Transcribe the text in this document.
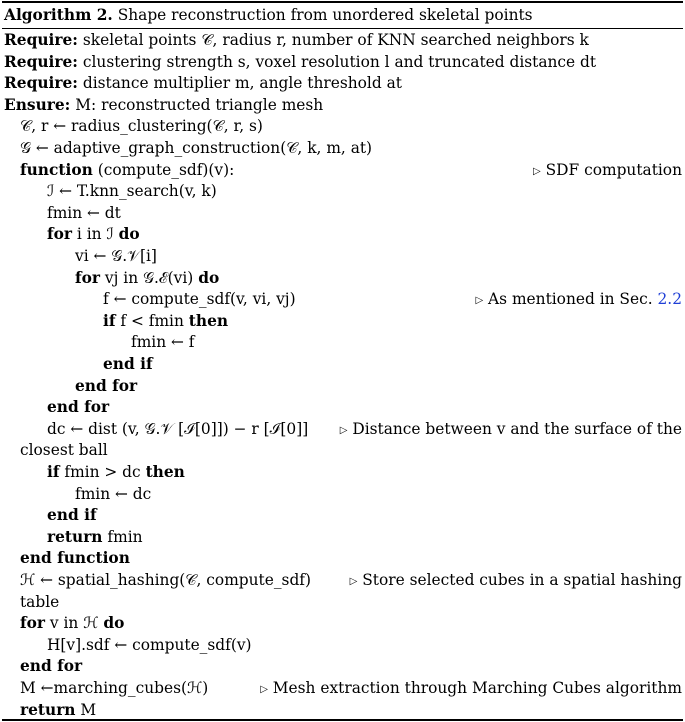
Algorithm 2. Shape reconstruction from unordered skeletal points
Require: skeletal points 𝒞, radius r, number of KNN searched neighbors k
Require: clustering strength s, voxel resolution l and truncated distance dt
Require: distance multiplier m, angle threshold at
Ensure: M: reconstructed triangle mesh
𝒞, r ← radius_clustering(𝒞, r, s)
𝒢 ← adaptive_graph_construction(𝒞, k, m, at)
function (compute_sdf)(v):	▷ SDF computation
ℐ ← T.knn_search(v, k)
fmin ← dt
for i in ℐ do
vi ← 𝒢.𝒱[i]
for vj in 𝒢.ℰ(vi) do
f ← compute_sdf(v, vi, vj)	▷ As mentioned in Sec. 2.2
if f < fmin then
fmin ← f
end if
end for
end for
dc ← dist (v, 𝒢.𝒱 [ℐ[0]]) − r [ℐ[0]]	▷ Distance between v and the surface of the
closest ball
if fmin > dc then
fmin ← dc
end if
return fmin
end function
ℋ ← spatial_hashing(𝒞, compute_sdf)	▷ Store selected cubes in a spatial hashing
table
for v in ℋ do
H[v].sdf ← compute_sdf(v)
end for
M ←marching_cubes(ℋ)	▷ Mesh extraction through Marching Cubes algorithm
return M
